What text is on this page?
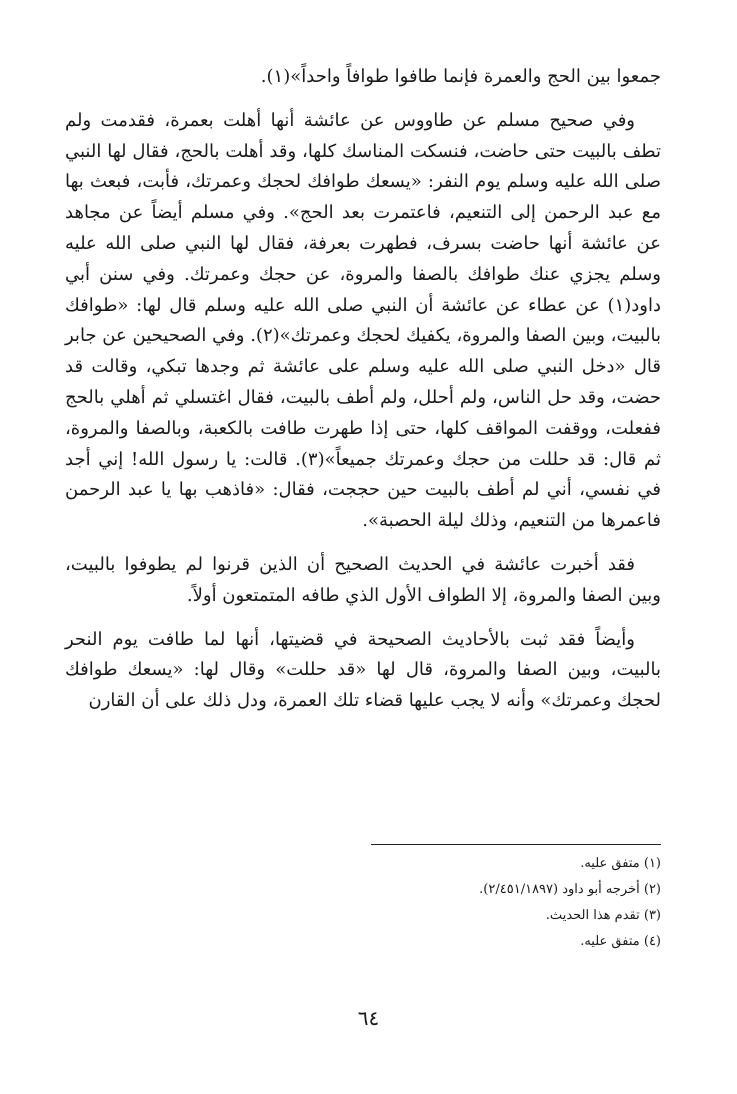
جمعوا بين الحج والعمرة فإنما طافوا طوافاً واحداً»(١).

وفي صحيح مسلم عن طاووس عن عائشة أنها أهلت بعمرة، فقدمت ولم تطف بالبيت حتى حاضت، فنسكت المناسك كلها، وقد أهلت بالحج، فقال لها النبي صلى الله عليه وسلم يوم النفر: «يسعك طوافك لحجك وعمرتك، فأبت، فبعث بها مع عبد الرحمن إلى التنعيم، فاعتمرت بعد الحج». وفي مسلم أيضاً عن مجاهد عن عائشة أنها حاضت بسرف، فطهرت بعرفة، فقال لها النبي صلى الله عليه وسلم يجزي عنك طوافك بالصفا والمروة، عن حجك وعمرتك. وفي سنن أبي داود(١) عن عطاء عن عائشة أن النبي صلى الله عليه وسلم قال لها: «طوافك بالبيت، وبين الصفا والمروة، يكفيك لحجك وعمرتك»(٢). وفي الصحيحين عن جابر قال «دخل النبي صلى الله عليه وسلم على عائشة ثم وجدها تبكي، وقالت قد حضت، وقد حل الناس، ولم أحلل، ولم أطف بالبيت، فقال اغتسلي ثم أهلي بالحج ففعلت، ووقفت المواقف كلها، حتى إذا طهرت طافت بالكعبة، وبالصفا والمروة، ثم قال: قد حللت من حجك وعمرتك جميعاً»(٣). قالت: يا رسول الله! إني أجد في نفسي، أني لم أطف بالبيت حين حججت، فقال: «فاذهب بها يا عبد الرحمن فاعمرها من التنعيم، وذلك ليلة الحصبة».

فقد أخبرت عائشة في الحديث الصحيح أن الذين قرنوا لم يطوفوا بالبيت، وبين الصفا والمروة، إلا الطواف الأول الذي طافه المتمتعون أولاً.

وأيضاً فقد ثبت بالأحاديث الصحيحة في قضيتها، أنها لما طافت يوم النحر بالبيت، وبين الصفا والمروة، قال لها «قد حللت» وقال لها: «يسعك طوافك لحجك وعمرتك» وأنه لا يجب عليها قضاء تلك العمرة، ودل ذلك على أن القارن

(١) متفق عليه.
(٢) أخرجه أبو داود (٢/٤٥١/١٨٩٧).
(٣) تقدم هذا الحديث.
(٤) متفق عليه.
٦٤
